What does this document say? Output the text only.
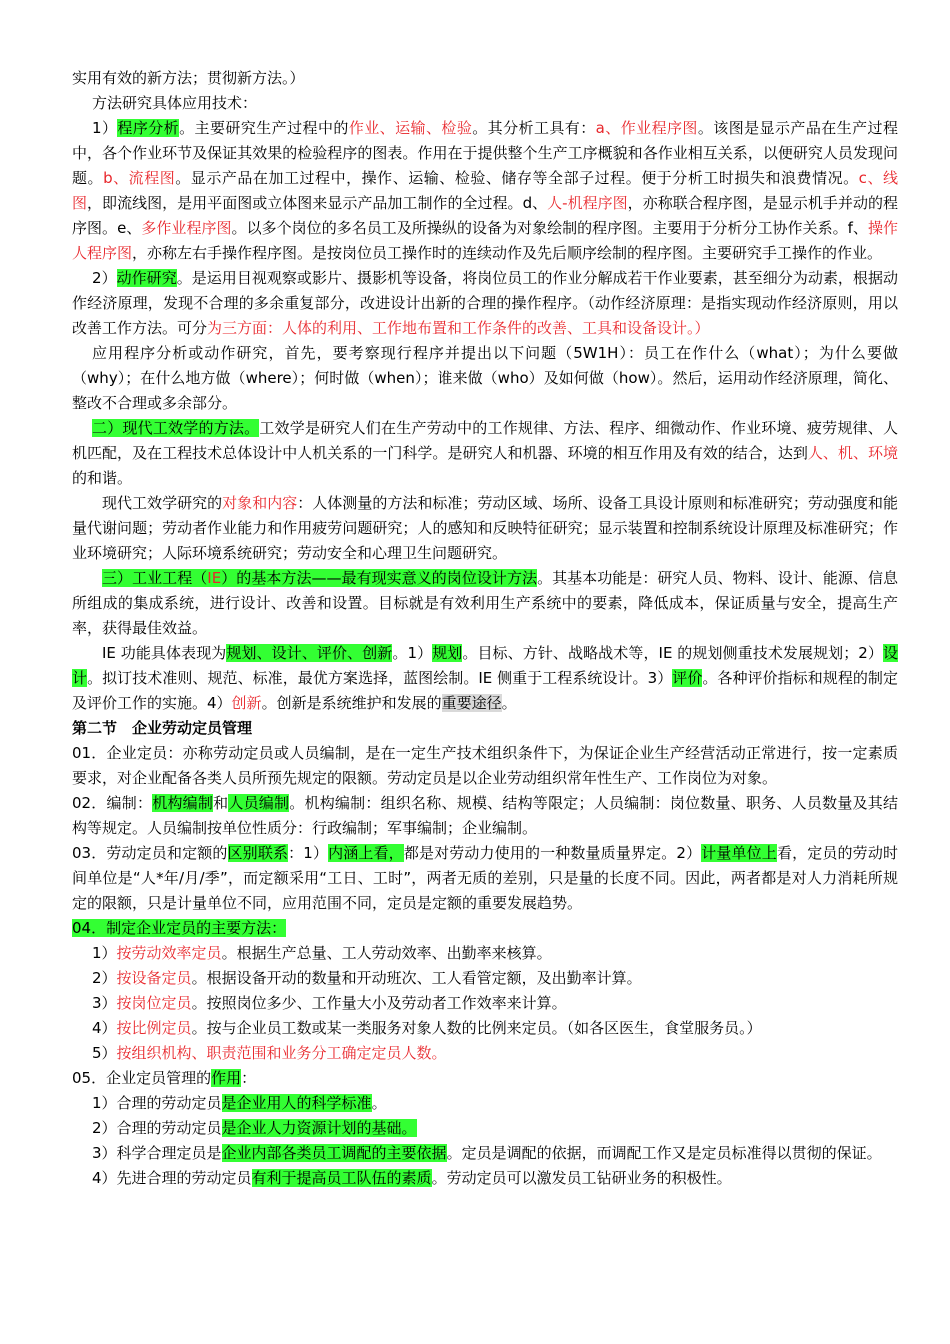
实用有效的新方法；贯彻新方法。）

方法研究具体应用技术：

1）程序分析。主要研究生产过程中的作业、运输、检验。其分析工具有：a、作业程序图。该图是显示产品在生产过程中，各个作业环节及保证其效果的检验程序的图表。作用在于提供整个生产工序概貌和各作业相互关系，以便研究人员发现问题。b、流程图。显示产品在加工过程中，操作、运输、检验、储存等全部子过程。便于分析工时损失和浪费情况。c、线图，即流线图，是用平面图或立体图来显示产品加工制作的全过程。d、人-机程序图，亦称联合程序图，是显示机手并动的程序图。e、多作业程序图。以多个岗位的多名员工及所操纵的设备为对象绘制的程序图。主要用于分析分工协作关系。f、操作人程序图，亦称左右手操作程序图。是按岗位员工操作时的连续动作及先后顺序绘制的程序图。主要研究手工操作的作业。

2）动作研究。是运用目视观察或影片、摄影机等设备，将岗位员工的作业分解成若干作业要素，甚至细分为动素，根据动作经济原理，发现不合理的多余重复部分，改进设计出新的合理的操作程序。（动作经济原理：是指实现动作经济原则，用以改善工作方法。可分为三方面：人体的利用、工作地布置和工作条件的改善、工具和设备设计。）

应用程序分析或动作研究，首先，要考察现行程序并提出以下问题（5W1H）：员工在作什么（what）；为什么要做（why）；在什么地方做（where）；何时做（when）；谁来做（who）及如何做（how）。然后，运用动作经济原理，简化、整改不合理或多余部分。

二）现代工效学的方法。工效学是研究人们在生产劳动中的工作规律、方法、程序、细微动作、作业环境、疲劳规律、人机匹配，及在工程技术总体设计中人机关系的一门科学。是研究人和机器、环境的相互作用及有效的结合，达到人、机、环境的和谐。

现代工效学研究的对象和内容：人体测量的方法和标准；劳动区域、场所、设备工具设计原则和标准研究；劳动强度和能量代谢问题；劳动者作业能力和作用疲劳问题研究；人的感知和反映特征研究；显示装置和控制系统设计原理及标准研究；作业环境研究；人际环境系统研究；劳动安全和心理卫生问题研究。

三）工业工程（IE）的基本方法——最有现实意义的岗位设计方法。其基本功能是：研究人员、物料、设计、能源、信息所组成的集成系统，进行设计、改善和设置。目标就是有效利用生产系统中的要素，降低成本，保证质量与安全，提高生产率，获得最佳效益。

IE 功能具体表现为规划、设计、评价、创新。1）规划。目标、方针、战略战术等，IE 的规划侧重技术发展规划；2）设计。拟订技术准则、规范、标准，最优方案选择，蓝图绘制。IE 侧重于工程系统设计。3）评价。各种评价指标和规程的制定及评价工作的实施。4）创新。创新是系统维护和发展的重要途径。

第二节　企业劳动定员管理

01．企业定员：亦称劳动定员或人员编制，是在一定生产技术组织条件下，为保证企业生产经营活动正常进行，按一定素质要求，对企业配备各类人员所预先规定的限额。劳动定员是以企业劳动组织常年性生产、工作岗位为对象。

02．编制：机构编制和人员编制。机构编制：组织名称、规模、结构等限定；人员编制：岗位数量、职务、人员数量及其结构等规定。人员编制按单位性质分：行政编制；军事编制；企业编制。

03．劳动定员和定额的区别联系：1）内涵上看，都是对劳动力使用的一种数量质量界定。2）计量单位上看，定员的劳动时间单位是“人*年/月/季”，而定额采用“工日、工时”，两者无质的差别，只是量的长度不同。因此，两者都是对人力消耗所规定的限额，只是计量单位不同，应用范围不同，定员是定额的重要发展趋势。

04．制定企业定员的主要方法：

1）按劳动效率定员。根据生产总量、工人劳动效率、出勤率来核算。

2）按设备定员。根据设备开动的数量和开动班次、工人看管定额，及出勤率计算。

3）按岗位定员。按照岗位多少、工作量大小及劳动者工作效率来计算。

4）按比例定员。按与企业员工数或某一类服务对象人数的比例来定员。（如各区医生，食堂服务员。）

5）按组织机构、职责范围和业务分工确定定员人数。

05．企业定员管理的作用：

1）合理的劳动定员是企业用人的科学标准。

2）合理的劳动定员是企业人力资源计划的基础。

3）科学合理定员是企业内部各类员工调配的主要依据。定员是调配的依据，而调配工作又是定员标准得以贯彻的保证。

4）先进合理的劳动定员有利于提高员工队伍的素质。劳动定员可以激发员工钻研业务的积极性。
